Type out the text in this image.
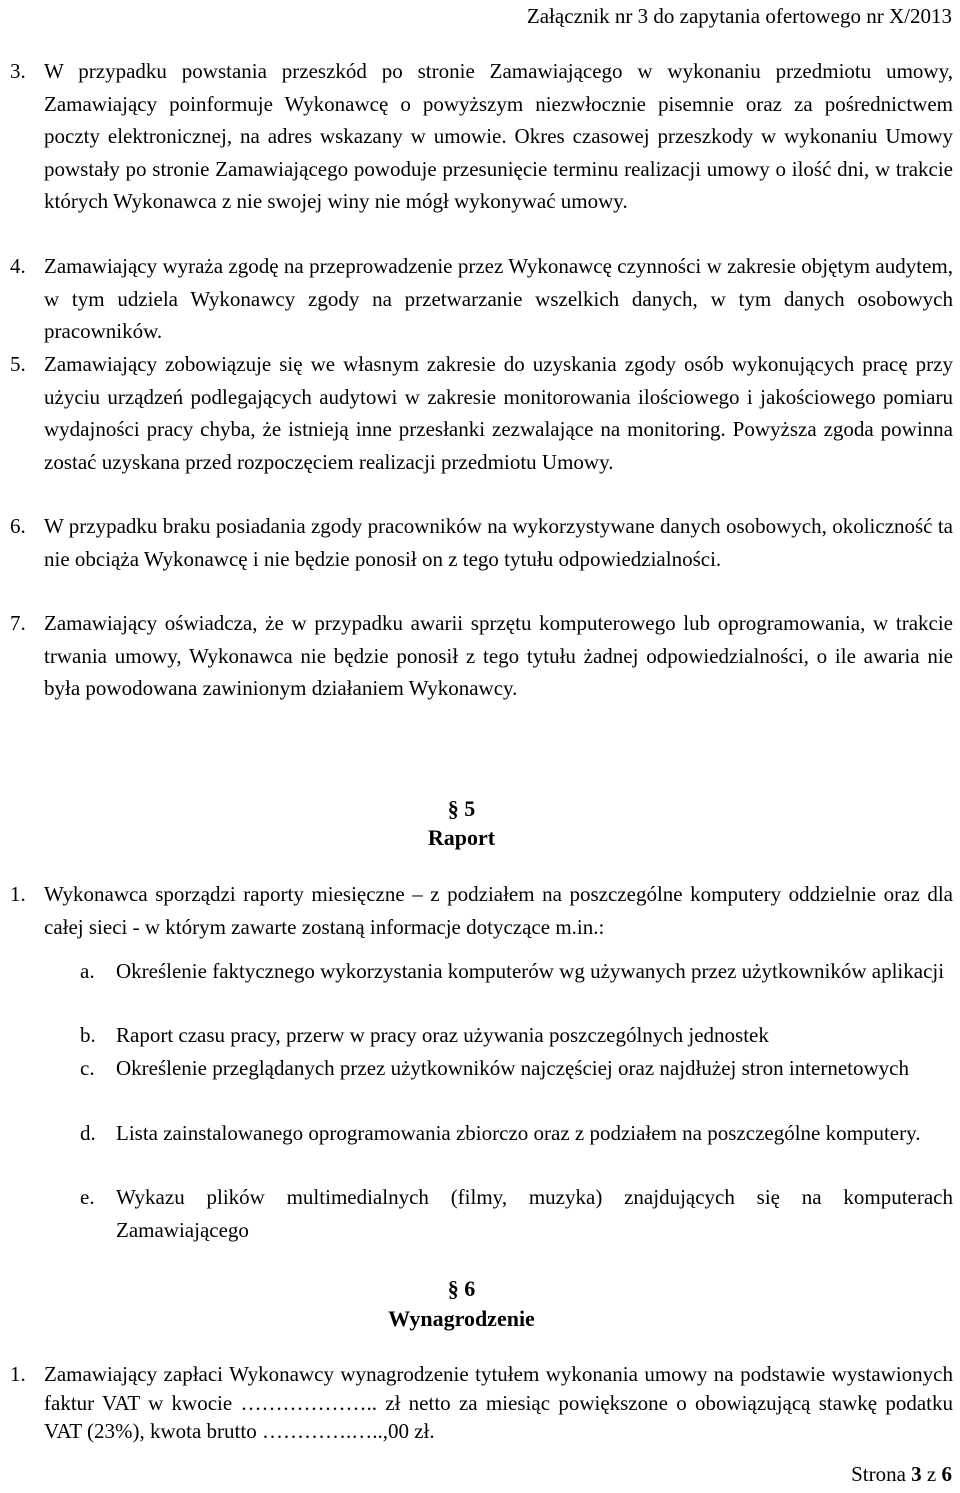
Załącznik nr 3 do zapytania ofertowego nr X/2013
3. W przypadku powstania przeszkód po stronie Zamawiającego w wykonaniu przedmiotu umowy, Zamawiający poinformuje Wykonawcę o powyższym niezwłocznie pisemnie oraz za pośrednictwem poczty elektronicznej, na adres wskazany w umowie. Okres czasowej przeszkody w wykonaniu Umowy powstały po stronie Zamawiającego powoduje przesunięcie terminu realizacji umowy o ilość dni, w trakcie których Wykonawca z nie swojej winy nie mógł wykonywać umowy.
4. Zamawiający wyraża zgodę na przeprowadzenie przez Wykonawcę czynności w zakresie objętym audytem, w tym udziela Wykonawcy zgody na przetwarzanie wszelkich danych, w tym danych osobowych pracowników.
5. Zamawiający zobowiązuje się we własnym zakresie do uzyskania zgody osób wykonujących pracę przy użyciu urządzeń podlegających audytowi w zakresie monitorowania ilościowego i jakościowego pomiaru wydajności pracy chyba, że istnieją inne przesłanki zezwalające na monitoring. Powyższa zgoda powinna zostać uzyskana przed rozpoczęciem realizacji przedmiotu Umowy.
6. W przypadku braku posiadania zgody pracowników na wykorzystywane danych osobowych, okoliczność ta nie obciąża Wykonawcę i nie będzie ponosił on z tego tytułu odpowiedzialności.
7. Zamawiający oświadcza, że w przypadku awarii sprzętu komputerowego lub oprogramowania, w trakcie trwania umowy, Wykonawca nie będzie ponosił z tego tytułu żadnej odpowiedzialności, o ile awaria nie była powodowana zawinionym działaniem Wykonawcy.
§ 5
Raport
1. Wykonawca sporządzi raporty miesięczne – z podziałem na poszczególne komputery oddzielnie oraz dla całej sieci - w którym zawarte zostaną informacje dotyczące m.in.:
a.	Określenie faktycznego wykorzystania komputerów wg używanych przez użytkowników aplikacji
b. Raport czasu pracy, przerw w pracy oraz używania poszczególnych jednostek
c.	Określenie przeglądanych przez użytkowników najczęściej oraz najdłużej stron internetowych
d. Lista zainstalowanego oprogramowania zbiorczo oraz z podziałem na poszczególne komputery.
e.	Wykazu plików multimedialnych (filmy, muzyka) znajdujących się na komputerach Zamawiającego
§ 6
Wynagrodzenie
1. Zamawiający zapłaci Wykonawcy wynagrodzenie tytułem wykonania umowy na podstawie wystawionych faktur VAT w kwocie ……………….. zł netto za miesiąc powiększone o obowiązującą stawkę podatku VAT (23%), kwota brutto ………….…..,00 zł.
Strona 3 z 6
